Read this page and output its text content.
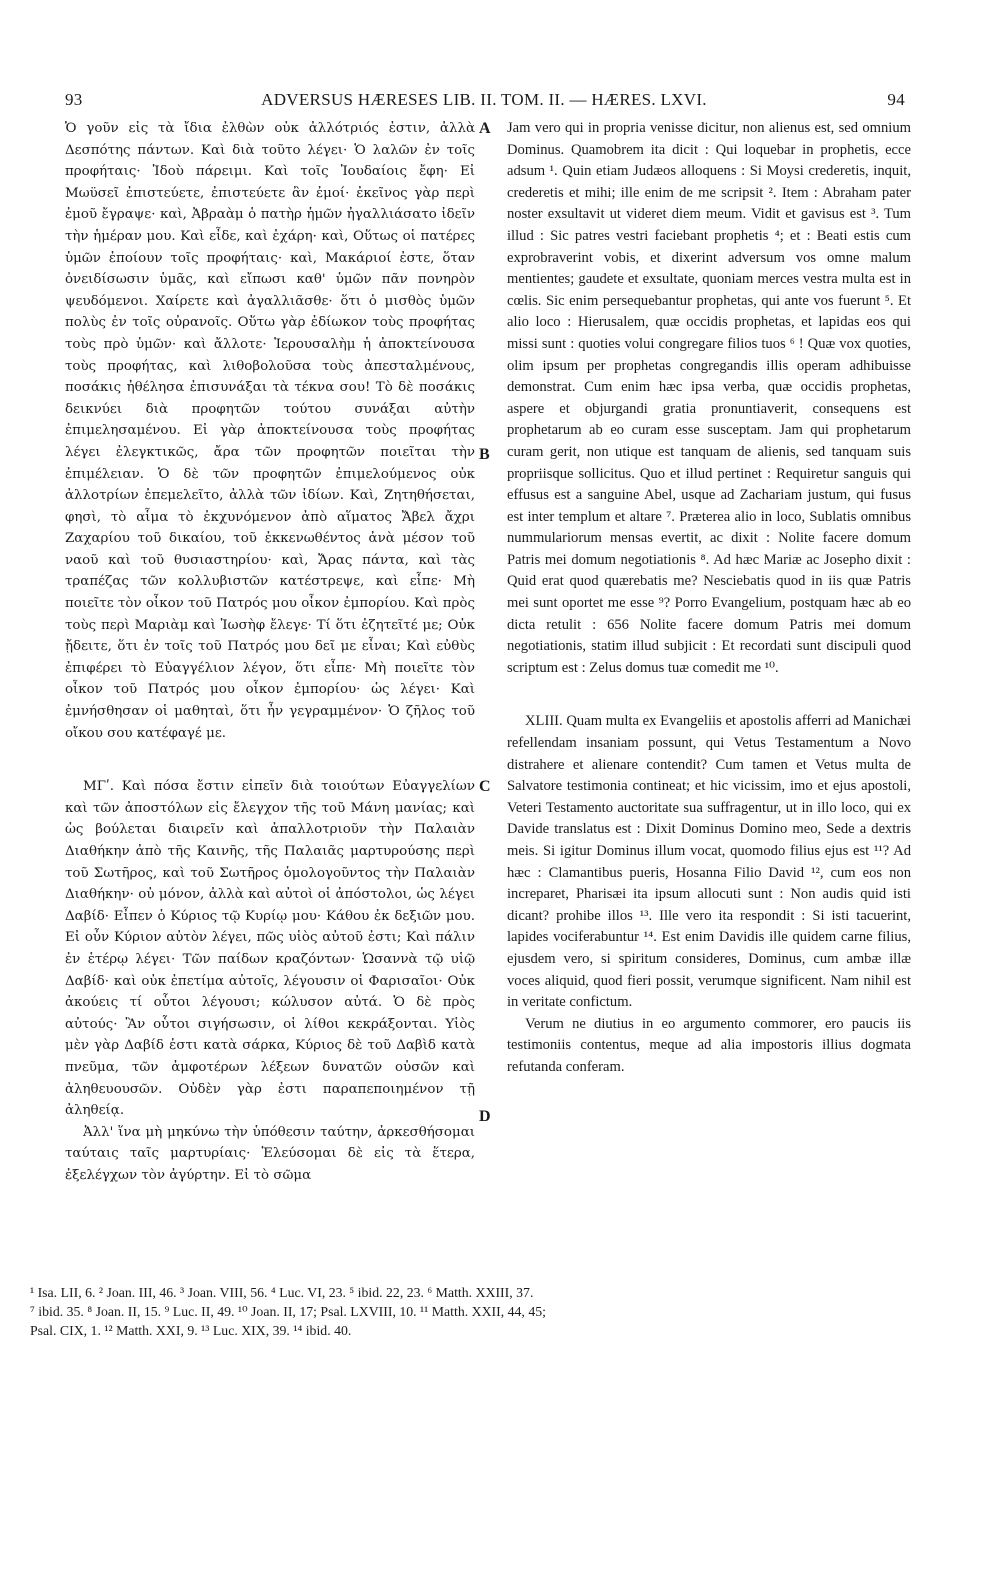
93	ADVERSUS HÆRESES LIB. II. TOM. II. — HÆRES. LXVI.	94

Ὁ γοῦν εἰς τὰ ἴδια ἐλθὼν οὐκ ἀλλότριός ἐστιν, ἀλλὰ Δεσπότης πάντων. Καὶ διὰ τοῦτο λέγει· Ὁ λαλῶν ἐν τοῖς προφήταις· Ἰδοὺ πάρειμι. Καὶ τοῖς Ἰουδαίοις ἔφη· Εἰ Μωϋσεῖ ἐπιστεύετε, ἐπιστεύετε ἂν ἐμοί· ἐκεῖνος γὰρ περὶ ἐμοῦ ἔγραψε· καὶ, Ἀβραὰμ ὁ πατὴρ ἡμῶν ἠγαλλιάσατο ἰδεῖν τὴν ἡμέραν μου. Καὶ εἶδε, καὶ ἐχάρη· καὶ, Οὕτως οἱ πατέρες ὑμῶν ἐποίουν τοῖς προφήταις· καὶ, Μακάριοί ἐστε, ὅταν ὀνειδίσωσιν ὑμᾶς, καὶ εἴπωσι καθ' ὑμῶν πᾶν πονηρὸν ψευδόμενοι. Χαίρετε καὶ ἀγαλλιᾶσθε· ὅτι ὁ μισθὸς ὑμῶν πολὺς ἐν τοῖς οὐρανοῖς. Οὕτω γὰρ ἐδίωκον τοὺς προφήτας τοὺς πρὸ ὑμῶν· καὶ ἄλλοτε· Ἱερουσαλὴμ ἡ ἀποκτείνουσα τοὺς προφήτας, καὶ λιθοβολοῦσα τοὺς ἀπεσταλμένους, ποσάκις ἠθέλησα ἐπισυνάξαι τὰ τέκνα σου! Τὸ δὲ ποσάκις δεικνύει διὰ προφητῶν τούτου συνάξαι αὐτὴν ἐπιμελησαμένου. Εἰ γὰρ ἀποκτείνουσα τοὺς προφήτας λέγει ἐλεγκτικῶς, ἄρα τῶν προφητῶν ποιεῖται τὴν ἐπιμέλειαν. Ὁ δὲ τῶν προφητῶν ἐπιμελούμενος οὐκ ἀλλοτρίων ἐπεμελεῖτο, ἀλλὰ τῶν ἰδίων. Καὶ, Ζητηθήσεται, φησὶ, τὸ αἷμα τὸ ἐκχυνόμενον ἀπὸ αἵματος Ἄβελ ἄχρι Ζαχαρίου τοῦ δικαίου, τοῦ ἐκκενωθέντος ἀνὰ μέσον τοῦ ναοῦ καὶ τοῦ θυσιαστηρίου· καὶ, Ἄρας πάντα, καὶ τὰς τραπέζας τῶν κολλυβιστῶν κατέστρεψε, καὶ εἶπε· Μὴ ποιεῖτε τὸν οἶκον τοῦ Πατρός μου οἶκον ἐμπορίου. Καὶ πρὸς τοὺς περὶ Μαριὰμ καὶ Ἰωσὴφ ἔλεγε· Τί ὅτι ἐζητεῖτέ με; Οὐκ ᾔδειτε, ὅτι ἐν τοῖς τοῦ Πατρός μου δεῖ με εἶναι; Καὶ εὐθὺς ἐπιφέρει τὸ Εὐαγγέλιον λέγον, ὅτι εἶπε· Μὴ ποιεῖτε τὸν οἶκον τοῦ Πατρός μου οἶκον ἐμπορίου· ὡς λέγει· Καὶ ἐμνήσθησαν οἱ μαθηταὶ, ὅτι ἦν γεγραμμένον· Ὁ ζῆλος τοῦ οἴκου σου κατέφαγέ με.

ΜΓʹ. Καὶ πόσα ἔστιν εἰπεῖν διὰ τοιούτων Εὐαγγελίων καὶ τῶν ἀποστόλων εἰς ἔλεγχον τῆς τοῦ Μάνη μανίας; καὶ ὡς βούλεται διαιρεῖν καὶ ἀπαλλοτριοῦν τὴν Παλαιὰν Διαθήκην ἀπὸ τῆς Καινῆς, τῆς Παλαιᾶς μαρτυρούσης περὶ τοῦ Σωτῆρος, καὶ τοῦ Σωτῆρος ὁμολογοῦντος τὴν Παλαιὰν Διαθήκην· οὐ μόνον, ἀλλὰ καὶ αὐτοὶ οἱ ἀπόστολοι, ὡς λέγει Δαβίδ· Εἶπεν ὁ Κύριος τῷ Κυρίῳ μου· Κάθου ἐκ δεξιῶν μου. Εἰ οὖν Κύριον αὐτὸν λέγει, πῶς υἱὸς αὐτοῦ ἐστι; Καὶ πάλιν ἐν ἑτέρῳ λέγει· Τῶν παίδων κραζόντων· Ὡσαννὰ τῷ υἱῷ Δαβίδ· καὶ οὐκ ἐπετίμα αὐτοῖς, λέγουσιν οἱ Φαρισαῖοι· Οὐκ ἀκούεις τί οὗτοι λέγουσι; κώλυσον αὐτά. Ὁ δὲ πρὸς αὐτούς· Ἂν οὗτοι σιγήσωσιν, οἱ λίθοι κεκράξονται. Υἱὸς μὲν γὰρ Δαβίδ ἐστι κατὰ σάρκα, Κύριος δὲ τοῦ Δαβὶδ κατὰ πνεῦμα, τῶν ἀμφοτέρων λέξεων δυνατῶν οὐσῶν καὶ ἀληθευουσῶν. Οὐδὲν γὰρ ἐστι παραπεποιημένον τῇ ἀληθείᾳ.

Ἀλλ' ἵνα μὴ μηκύνω τὴν ὑπόθεσιν ταύτην, ἀρκεσθήσομαι ταύταις ταῖς μαρτυρίαις· Ἐλεύσομαι δὲ εἰς τὰ ἕτερα, ἐξελέγχων τὸν ἀγύρτην. Εἰ τὸ σῶμα

A
B
C
D

Jam vero qui in propria venisse dicitur, non alienus est, sed omnium Dominus. Quamobrem ita dicit : Qui loquebar in prophetis, ecce adsum ¹. Quin etiam Judæos alloquens : Si Moysi crederetis, inquit, crederetis et mihi; ille enim de me scripsit ². Item : Abraham pater noster exsultavit ut videret diem meum. Vidit et gavisus est ³. Tum illud : Sic patres vestri faciebant prophetis ⁴; et : Beati estis cum exprobraverint vobis, et dixerint adversum vos omne malum mentientes; gaudete et exsultate, quoniam merces vestra multa est in cœlis. Sic enim persequebantur prophetas, qui ante vos fuerunt ⁵. Et alio loco : Hierusalem, quæ occidis prophetas, et lapidas eos qui missi sunt : quoties volui congregare filios tuos ⁶ ! Quæ vox quoties, olim ipsum per prophetas congregandis illis operam adhibuisse demonstrat. Cum enim hæc ipsa verba, quæ occidis prophetas, aspere et objurgandi gratia pronuntiaverit, consequens est prophetarum ab eo curam esse susceptam. Jam qui prophetarum curam gerit, non utique est tanquam de alienis, sed tanquam suis propriisque sollicitus. Quo et illud pertinet : Requiretur sanguis qui effusus est a sanguine Abel, usque ad Zachariam justum, qui fusus est inter templum et altare ⁷. Præterea alio in loco, Sublatis omnibus nummulariorum mensas evertit, ac dixit : Nolite facere domum Patris mei domum negotiationis ⁸. Ad hæc Mariæ ac Josepho dixit : Quid erat quod quærebatis me? Nesciebatis quod in iis quæ Patris mei sunt oportet me esse ⁹? Porro Evangelium, postquam hæc ab eo dicta retulit : 656 Nolite facere domum Patris mei domum negotiationis, statim illud subjicit : Et recordati sunt discipuli quod scriptum est : Zelus domus tuæ comedit me ¹⁰.

XLIII. Quam multa ex Evangeliis et apostolis afferri ad Manichæi refellendam insaniam possunt, qui Vetus Testamentum a Novo distrahere et alienare contendit? Cum tamen et Vetus multa de Salvatore testimonia contineat; et hic vicissim, imo et ejus apostoli, Veteri Testamento auctoritate sua suffragentur, ut in illo loco, qui ex Davide translatus est : Dixit Dominus Domino meo, Sede a dextris meis. Si igitur Dominus illum vocat, quomodo filius ejus est ¹¹? Ad hæc : Clamantibus pueris, Hosanna Filio David ¹², cum eos non increparet, Pharisæi ita ipsum allocuti sunt : Non audis quid isti dicant? prohibe illos ¹³. Ille vero ita respondit : Si isti tacuerint, lapides vociferabuntur ¹⁴. Est enim Davidis ille quidem carne filius, ejusdem vero, si spiritum consideres, Dominus, cum ambæ illæ voces aliquid, quod fieri possit, verumque significent. Nam nihil est in veritate confictum.

Verum ne diutius in eo argumento commorer, ero paucis iis testimoniis contentus, meque ad alia impostoris illius dogmata refutanda conferam.

¹ Isa. LII, 6. ² Joan. III, 46. ³ Joan. VIII, 56. ⁴ Luc. VI, 23. ⁵ ibid. 22, 23. ⁶ Matth. XXIII, 37.
⁷ ibid. 35. ⁸ Joan. II, 15. ⁹ Luc. II, 49. ¹⁰ Joan. II, 17; Psal. LXVIII, 10. ¹¹ Matth. XXII, 44, 45;
Psal. CIX, 1. ¹² Matth. XXI, 9. ¹³ Luc. XIX, 39. ¹⁴ ibid. 40.
